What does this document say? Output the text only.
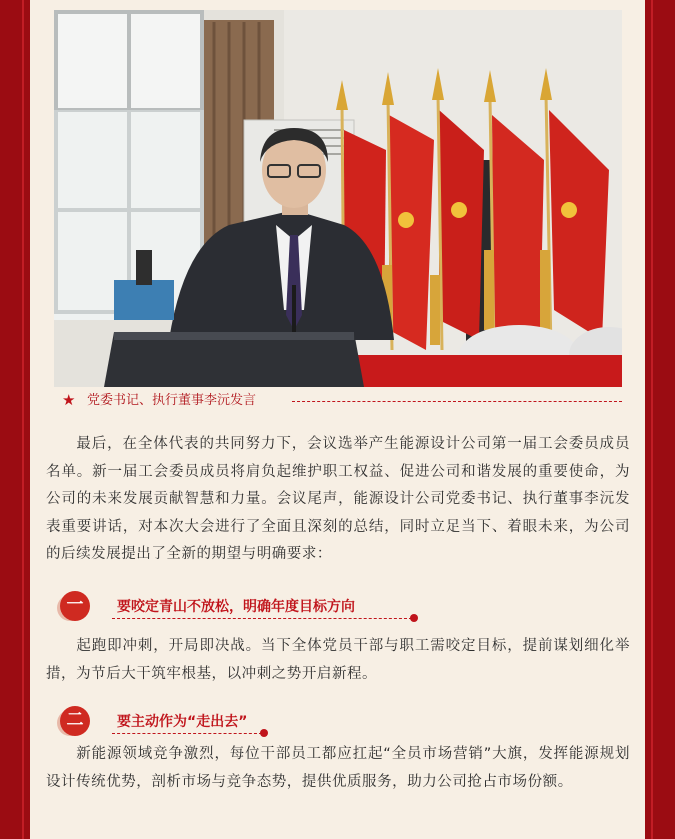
★ 党委书记、执行董事李沅发言

最后，在全体代表的共同努力下，会议选举产生能源设计公司第一届工会委员成员名单。新一届工会委员成员将肩负起维护职工权益、促进公司和谐发展的重要使命，为公司的未来发展贡献智慧和力量。会议尾声，能源设计公司党委书记、执行董事李沅发表重要讲话，对本次大会进行了全面且深刻的总结，同时立足当下、着眼未来，为公司的后续发展提出了全新的期望与明确要求：

一	要咬定青山不放松，明确年度目标方向

起跑即冲刺，开局即决战。当下全体党员干部与职工需咬定目标，提前谋划细化举措，为节后大干筑牢根基，以冲刺之势开启新程。

二	要主动作为“走出去”

新能源领域竞争激烈，每位干部员工都应扛起“全员市场营销”大旗，发挥能源规划设计传统优势，剖析市场与竞争态势，提供优质服务，助力公司抢占市场份额。
